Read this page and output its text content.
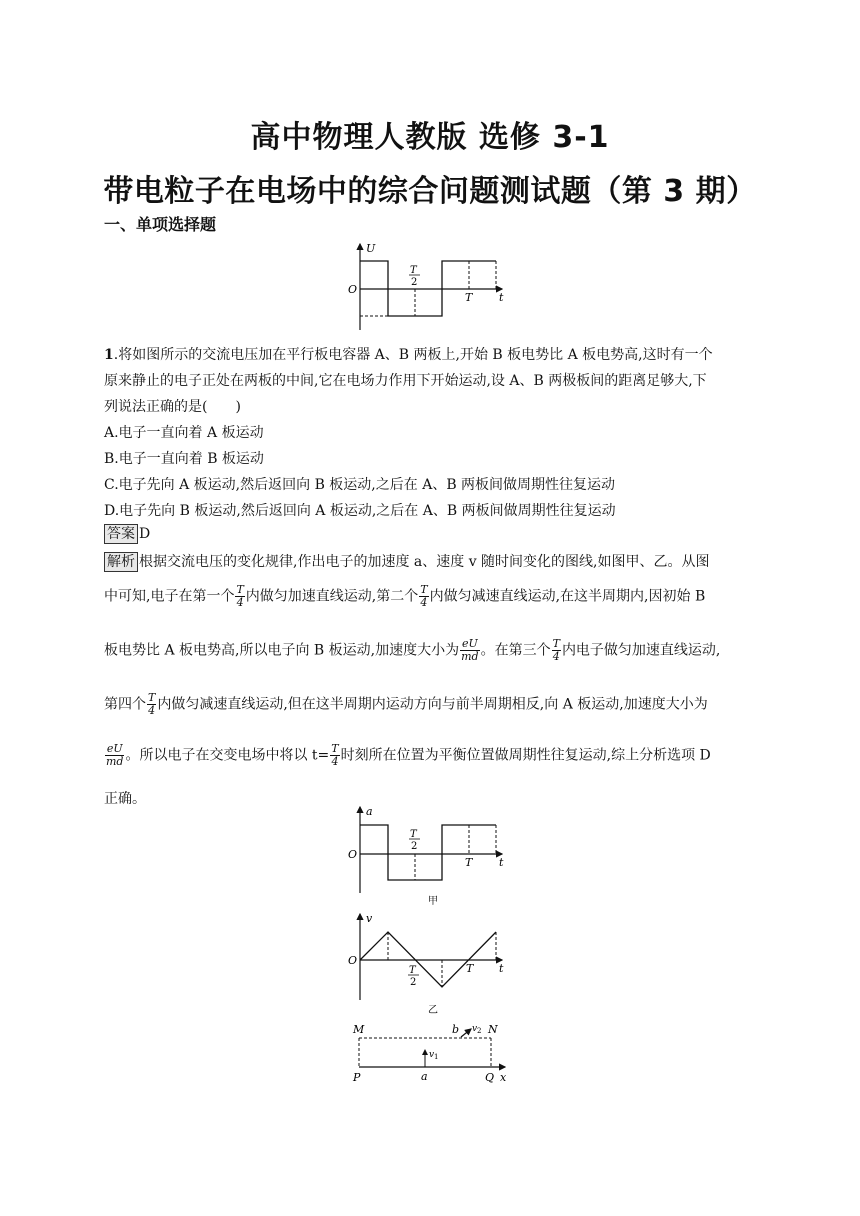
高中物理人教版 选修 3-1
带电粒子在电场中的综合问题测试题（第 3 期）
一、单项选择题
U
O
T
2
T t
1.将如图所示的交流电压加在平行板电容器 A、B 两板上,开始 B 板电势比 A 板电势高,这时有一个
原来静止的电子正处在两板的中间,它在电场力作用下开始运动,设 A、B 两极板间的距离足够大,下
列说法正确的是(　　)
A.电子一直向着 A 板运动
B.电子一直向着 B 板运动
C.电子先向 A 板运动,然后返回向 B 板运动,之后在 A、B 两板间做周期性往复运动
D.电子先向 B 板运动,然后返回向 A 板运动,之后在 A、B 两板间做周期性往复运动
答案 D
解析 根据交流电压的变化规律,作出电子的加速度 a、速度 v 随时间变化的图线,如图甲、乙。从图
中可知,电子在第一个 $\frac{T}{4}$ 内做匀加速直线运动,第二个 $\frac{T}{4}$ 内做匀减速直线运动,在这半周期内,因初始 B
板电势比 A 板电势高,所以电子向 B 板运动,加速度大小为 $\frac{eU}{md}$ 。在第三个 $\frac{T}{4}$ 内电子做匀加速直线运动,
第四个 $\frac{T}{4}$ 内做匀减速直线运动,但在这半周期内运动方向与前半周期相反,向 A 板运动,加速度大小为
$\frac{eU}{md}$ 。所以电子在交变电场中将以 $t= \frac{T}{4}$ 时刻所在位置为平衡位置做周期性往复运动,综上分析选项 D
正确。
a
O
T
2
T t
甲
v
O
T
2
T t
乙
M	N
P	Q x
a
b
v 1
v 2
